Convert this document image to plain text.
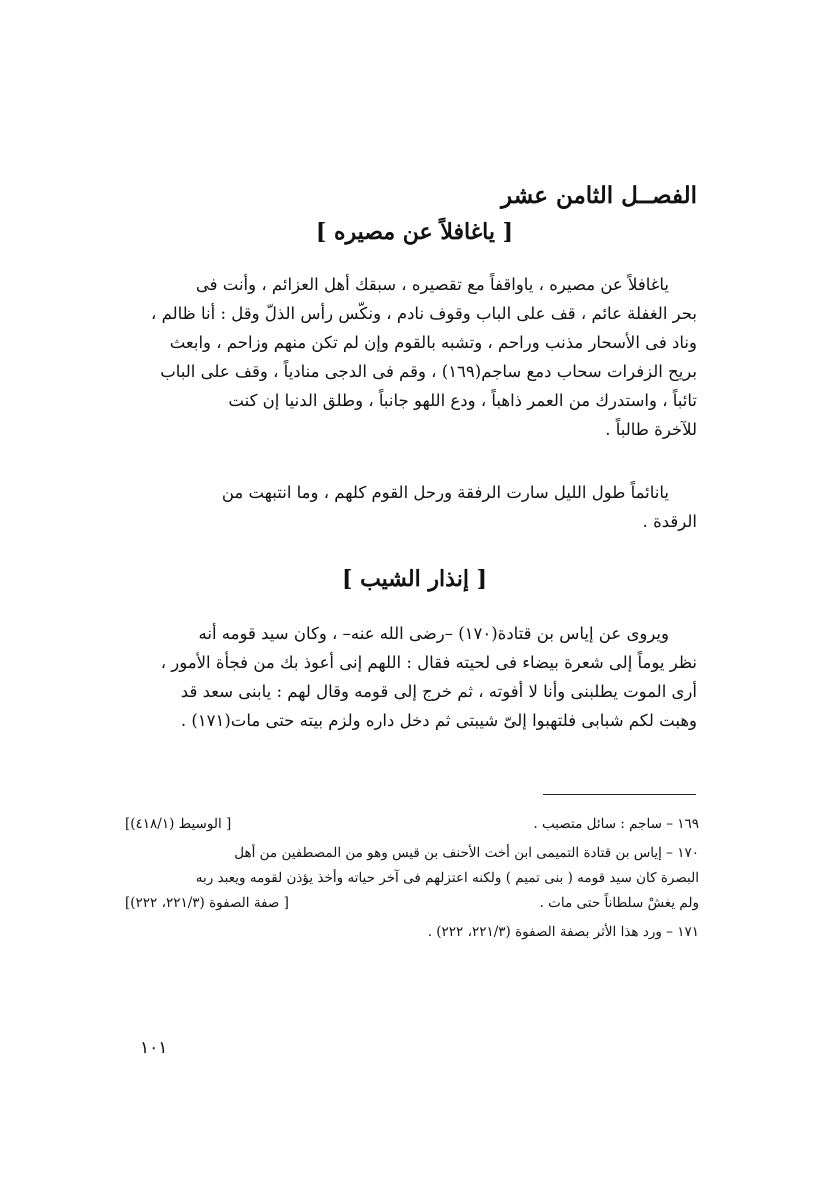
الفصــل الثامن عشر
[ ياغافلاً عن مصيره ]
ياغافلاً عن مصيره ، ياواقفاً مع تقصيره ، سبقك أهل العزائم ، وأنت فى
بحر الغفلة عائم ، قف على الباب وقوف نادم ، ونكّس رأس الذلّ وقل : أنا ظالم ،
وناد فى الأسحار مذنب وراحم ، وتشبه بالقوم وإن لم تكن منهم وزاحم ، وابعث
بريح الزفرات سحاب دمع ساجم(١٦٩) ، وقم فى الدجى منادياً ، وقف على الباب
تائباً ، واستدرك من العمر ذاهباً ، ودع اللهو جانباً ، وطلق الدنيا إن كنت
للآخرة طالباً .
يانائماً طول الليل سارت الرفقة ورحل القوم كلهم ، وما انتبهت من
الرقدة .
[ إنذار الشيب ]
ويروى عن إياس بن قتادة(١٧٠) –رضى الله عنه– ، وكان سيد قومه أنه
نظر يوماً إلى شعرة بيضاء فى لحيته فقال : اللهم إنى أعوذ بك من فجأة الأمور ،
أرى الموت يطلبنى وأنا لا أفوته ، ثم خرج إلى قومه وقال لهم : يابنى سعد قد
وهبت لكم شبابى فلتهبوا إلىّ شيبتى ثم دخل داره ولزم بيته حتى مات(١٧١) .
١٦٩ – ساجم : سائل متصبب .
[ الوسيط (٤١٨/١)]
١٧٠ – إياس بن قتادة التميمى ابن أخت الأحنف بن قيس وهو من المصطفين من أهل
البصرة كان سيد قومه ( بنى تميم ) ولكنه اعتزلهم فى آخر حياته وأخذ يؤذن لقومه ويعبد ربه
ولم يغشْ سلطاناً حتى مات .
[ صفة الصفوة (٢٢١/٣، ٢٢٢)]
١٧١ – ورد هذا الأثر بصفة الصفوة (٢٢١/٣، ٢٢٢) .
١٠١
